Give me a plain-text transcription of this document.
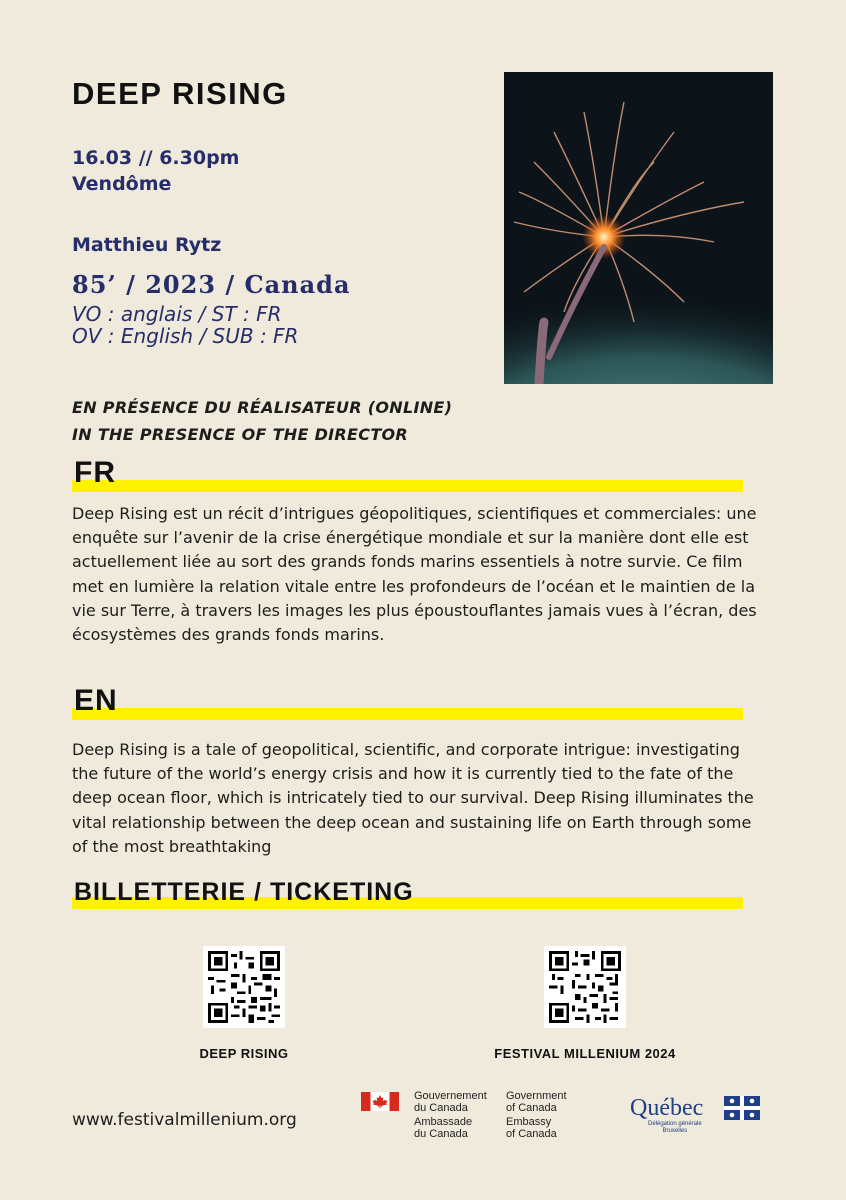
DEEP RISING
16.03 // 6.30pm
Vendôme
Matthieu Rytz
85’ / 2023 / Canada
VO : anglais / ST : FR
OV : English / SUB : FR
EN PRÉSENCE DU RÉALISATEUR (ONLINE)
IN THE PRESENCE OF THE DIRECTOR
FR
Deep Rising est un récit d’intrigues géopolitiques, scientifiques et commerciales: une enquête sur l’avenir de la crise énergétique mondiale et sur la manière dont elle est actuellement liée au sort des grands fonds marins essentiels à notre survie. Ce film met en lumière la relation vitale entre les profondeurs de l’océan et le maintien de la vie sur Terre, à travers les images les plus époustouflantes jamais vues à l’écran, des écosystèmes des grands fonds marins.
EN
Deep Rising is a tale of geopolitical, scientific, and corporate intrigue: investigating the future of the world’s energy crisis and how it is currently tied to the fate of the deep ocean floor, which is intricately tied to our survival. Deep Rising illuminates the vital relationship between the deep ocean and sustaining life on Earth through some of the most breathtaking
BILLETTERIE / TICKETING
DEEP RISING	FESTIVAL MILLENIUM 2024
www.festivalmillenium.org
Gouvernement
du Canada
Ambassade
du Canada
Government
of Canada
Embassy
of Canada
Québec
Délégation générale
Bruxelles
